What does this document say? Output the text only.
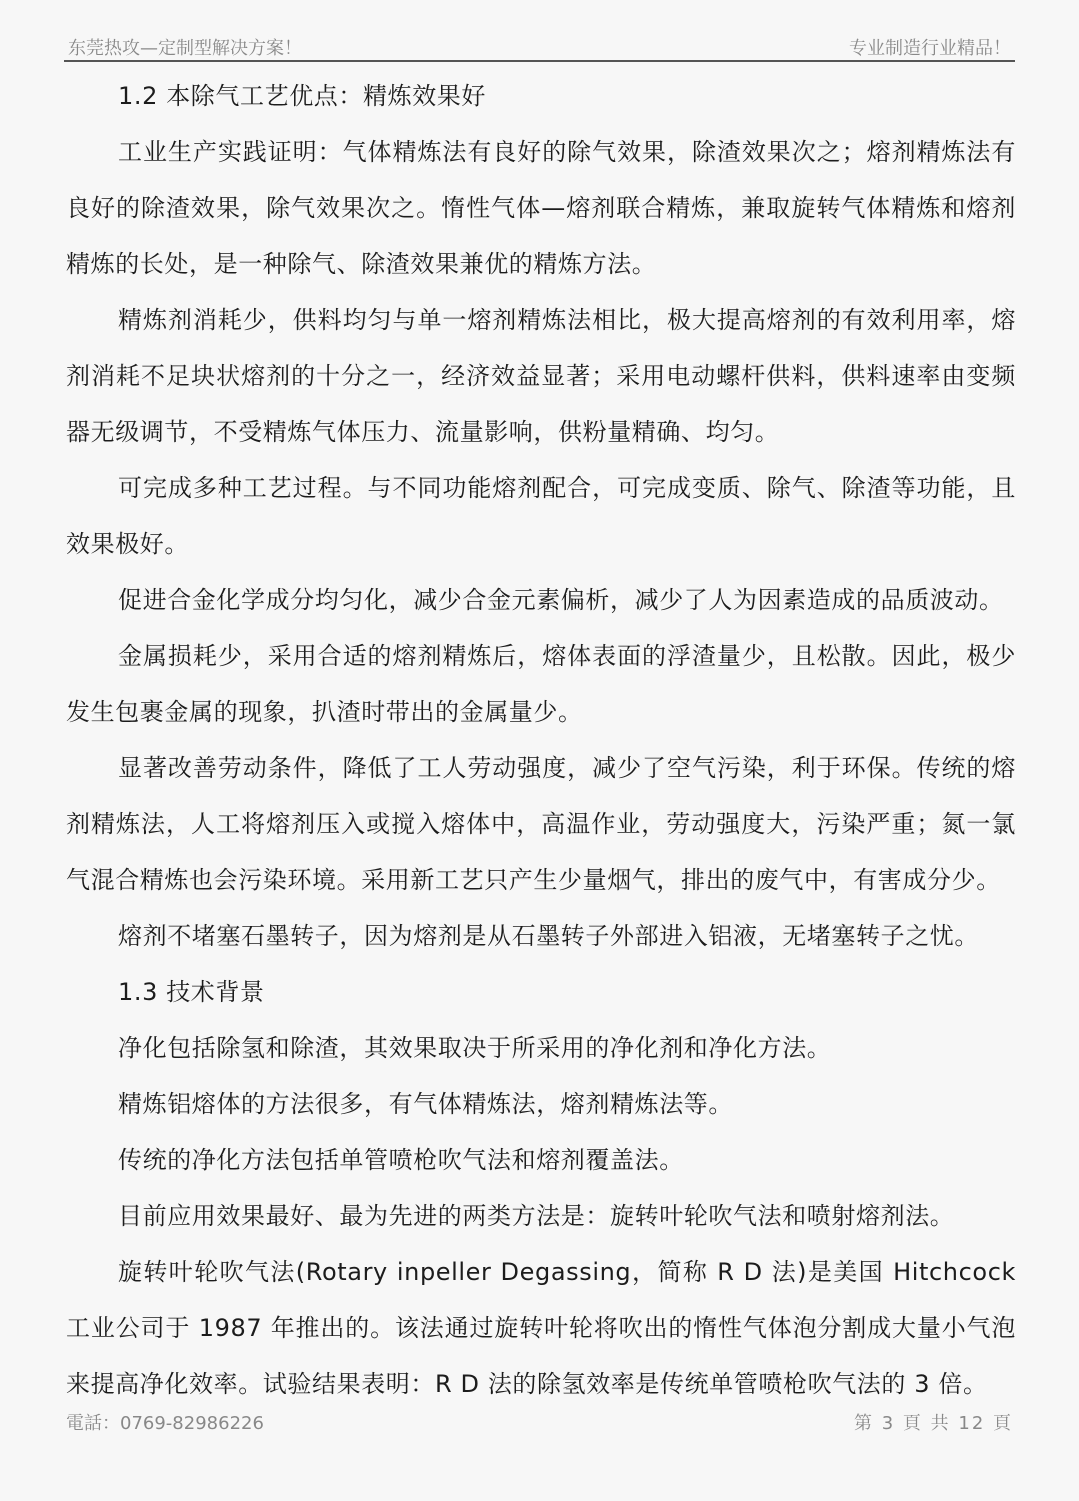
东莞热攻—定制型解决方案！	专业制造行业精品！

1.2 本除气工艺优点：精炼效果好

工业生产实践证明：气体精炼法有良好的除气效果，除渣效果次之；熔剂精炼法有良好的除渣效果，除气效果次之。惰性气体—熔剂联合精炼，兼取旋转气体精炼和熔剂精炼的长处，是一种除气、除渣效果兼优的精炼方法。

精炼剂消耗少，供料均匀与单一熔剂精炼法相比，极大提高熔剂的有效利用率，熔剂消耗不足块状熔剂的十分之一，经济效益显著；采用电动螺杆供料，供料速率由变频器无级调节，不受精炼气体压力、流量影响，供粉量精确、均匀。

可完成多种工艺过程。与不同功能熔剂配合，可完成变质、除气、除渣等功能，且效果极好。

促进合金化学成分均匀化，减少合金元素偏析，减少了人为因素造成的品质波动。

金属损耗少，采用合适的熔剂精炼后，熔体表面的浮渣量少，且松散。因此，极少发生包裹金属的现象，扒渣时带出的金属量少。

显著改善劳动条件，降低了工人劳动强度，减少了空气污染，利于环保。传统的熔剂精炼法，人工将熔剂压入或搅入熔体中，高温作业，劳动强度大，污染严重；氮一氯气混合精炼也会污染环境。采用新工艺只产生少量烟气，排出的废气中，有害成分少。

熔剂不堵塞石墨转子，因为熔剂是从石墨转子外部进入铝液，无堵塞转子之忧。

1.3 技术背景

净化包括除氢和除渣，其效果取决于所采用的净化剂和净化方法。

精炼铝熔体的方法很多，有气体精炼法，熔剂精炼法等。

传统的净化方法包括单管喷枪吹气法和熔剂覆盖法。

目前应用效果最好、最为先进的两类方法是：旋转叶轮吹气法和喷射熔剂法。

旋转叶轮吹气法(Rotary inpeller Degassing，简称 R D 法)是美国 Hitchcock 工业公司于 1987 年推出的。该法通过旋转叶轮将吹出的惰性气体泡分割成大量小气泡来提高净化效率。试验结果表明：R D 法的除氢效率是传统单管喷枪吹气法的 3 倍。

電話：0769-82986226	第 3 頁 共 12 頁
